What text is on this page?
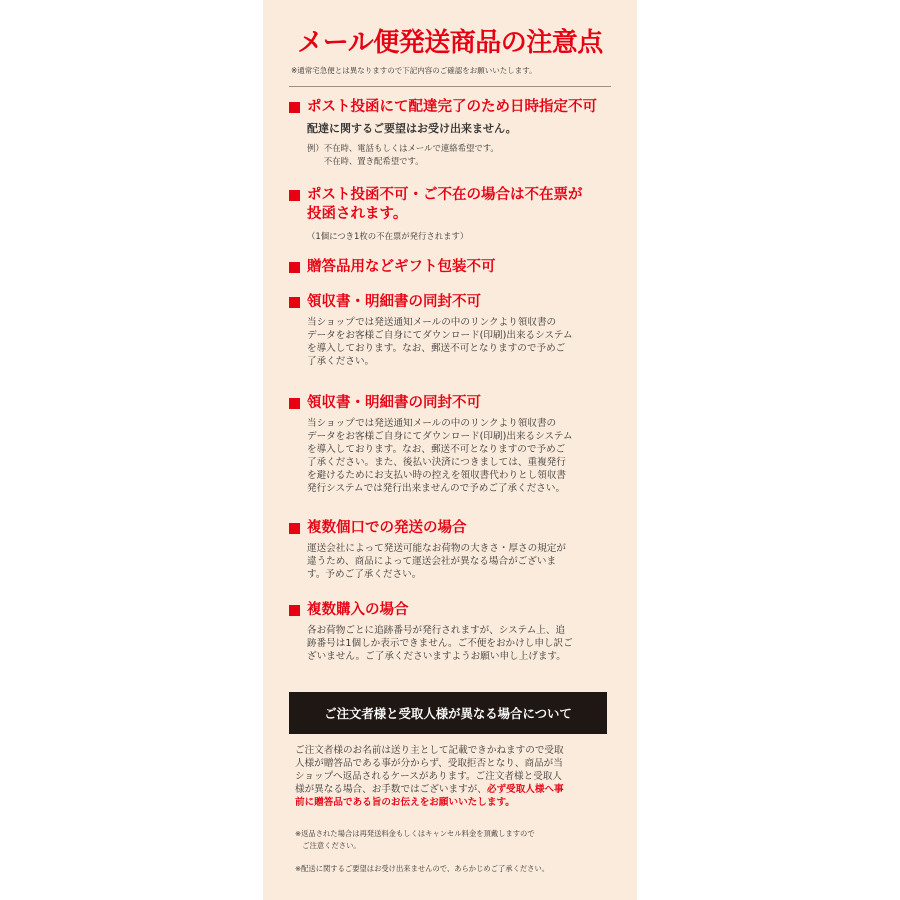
メール便発送商品の注意点
※通常宅急便とは異なりますので下記内容のご確認をお願いいたします。
ポスト投函にて配達完了のため日時指定不可
配達に関するご要望はお受け出来ません。
例）不在時、電話もしくはメールで連絡希望です。
　　不在時、置き配希望です。
ポスト投函不可・ご不在の場合は不在票が
投函されます。
（1個につき1枚の不在票が発行されます）
贈答品用などギフト包装不可
領収書・明細書の同封不可
当ショップでは発送通知メールの中のリンクより領収書の
データをお客様ご自身にてダウンロード(印刷)出来るシステム
を導入しております。なお、郵送不可となりますので予めご
了承ください。
領収書・明細書の同封不可
当ショップでは発送通知メールの中のリンクより領収書の
データをお客様ご自身にてダウンロード(印刷)出来るシステム
を導入しております。なお、郵送不可となりますので予めご
了承ください。また、後払い決済につきましては、重複発行
を避けるためにお支払い時の控えを領収書代わりとし領収書
発行システムでは発行出来ませんので予めご了承ください。
複数個口での発送の場合
運送会社によって発送可能なお荷物の大きさ・厚さの規定が
違うため、商品によって運送会社が異なる場合がございま
す。予めご了承ください。
複数購入の場合
各お荷物ごとに追跡番号が発行されますが、システム上、追
跡番号は1個しか表示できません。ご不便をおかけし申し訳ご
ざいません。ご了承くださいますようお願い申し上げます。
ご注文者様と受取人様が異なる場合について
ご注文者様のお名前は送り主として記載できかねますので受取
人様が贈答品である事が分からず、受取拒否となり、商品が当
ショップへ返品されるケースがあります。ご注文者様と受取人
様が異なる場合、お手数ではございますが、必ず受取人様へ事
前に贈答品である旨のお伝えをお願いいたします。
※返品された場合は再発送料金もしくはキャンセル料金を頂戴しますので
　ご注意ください。
※配送に関するご要望はお受け出来ませんので、あらかじめご了承ください。
